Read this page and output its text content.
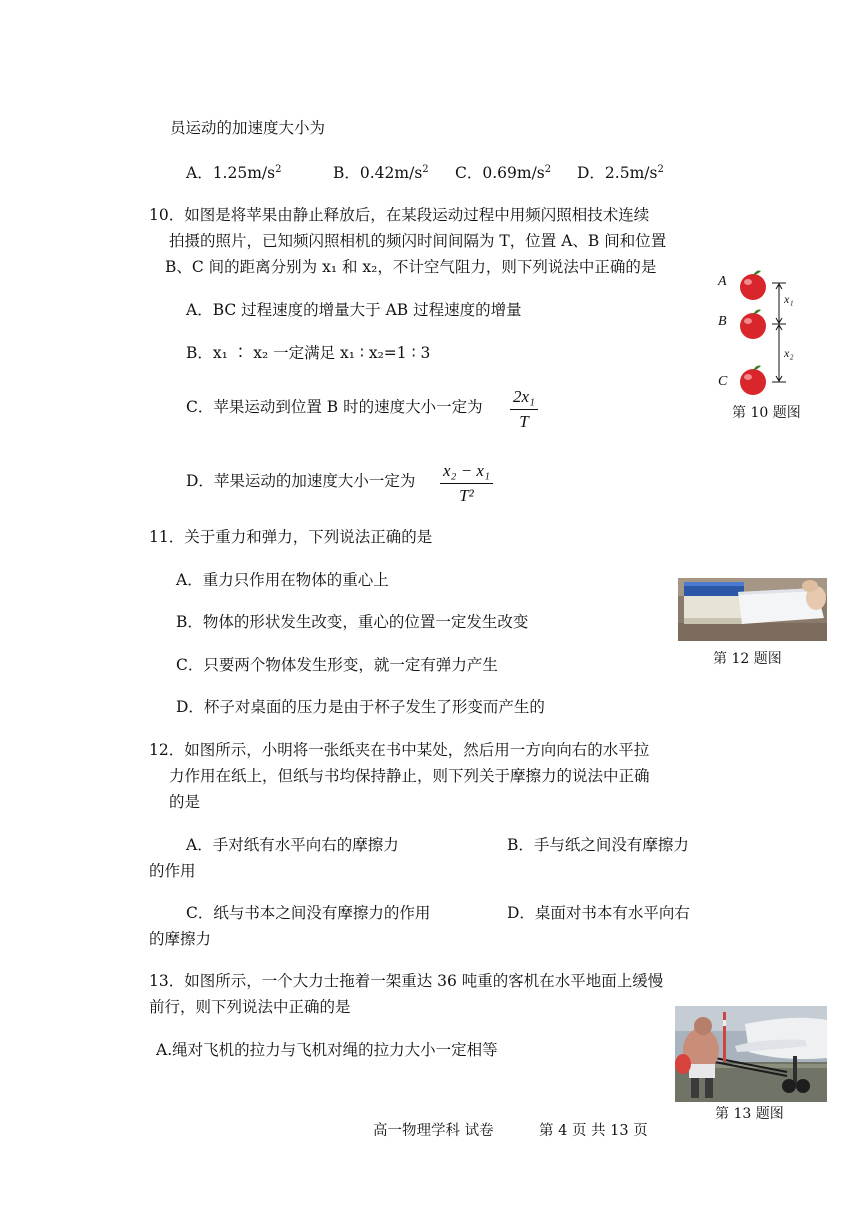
员运动的加速度大小为
A．$1.25m/s^2$	B．$0.42m/s^2$ C．$0.69m/s^2$ D．$2.5m/s^2$
10．如图是将苹果由静止释放后，在某段运动过程中用频闪照相技术连续
拍摄的照片，已知频闪照相机的频闪时间间隔为 T，位置 A、B 间和位置
B、C 间的距离分别为 x₁ 和 x₂，不计空气阻力，则下列说法中正确的是
A．BC 过程速度的增量大于 AB 过程速度的增量
B．x₁ ∶ x₂ 一定满足 x₁ ∶ x₂=1 ∶ 3
C．苹果运动到位置 B 时的速度大小一定为 $\frac{\text{2x₁}}{T}$
D．苹果运动的加速度大小一定为 $\frac{\text{x₂ − x₁}}{\text{T²}}$
A
B
C
x₁
x₂
第 10 题图
11．关于重力和弹力，下列说法正确的是
A．重力只作用在物体的重心上
B．物体的形状发生改变，重心的位置一定发生改变
C．只要两个物体发生形变，就一定有弹力产生
D．杯子对桌面的压力是由于杯子发生了形变而产生的
第 12 题图
12．如图所示，小明将一张纸夹在书中某处，然后用一方向向右的水平拉
力作用在纸上，但纸与书均保持静止，则下列关于摩擦力的说法中正确
的是
A．手对纸有水平向右的摩擦力	B．手与纸之间没有摩擦力
的作用
C．纸与书本之间没有摩擦力的作用	D．桌面对书本有水平向右
的摩擦力
13．如图所示，一个大力士拖着一架重达 36 吨重的客机在水平地面上缓慢
前行，则下列说法中正确的是
A.绳对飞机的拉力与飞机对绳的拉力大小一定相等
第 13 题图
高一物理学科 试卷	第 4 页 共 13 页
